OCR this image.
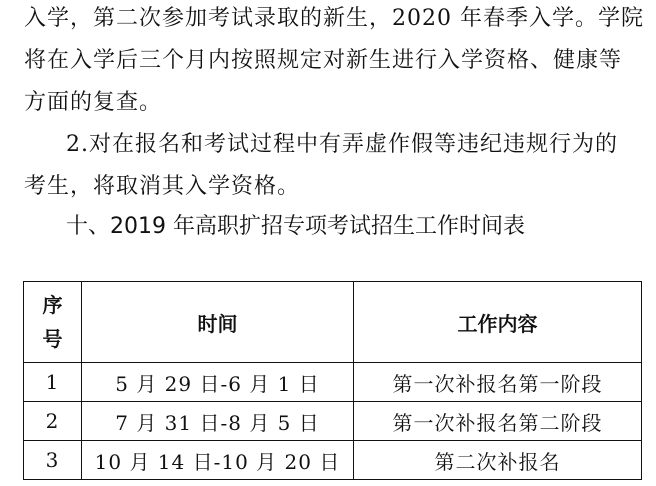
入学，第二次参加考试录取的新生，2020 年春季入学。学院
将在入学后三个月内按照规定对新生进行入学资格、健康等
方面的复查。
2.对在报名和考试过程中有弄虚作假等违纪违规行为的
考生，将取消其入学资格。
十、2019 年高职扩招专项考试招生工作时间表
序
号	时间	工作内容
1	5 月 29 日-6 月 1 日	第一次补报名第一阶段
2	7 月 31 日-8 月 5 日	第一次补报名第二阶段
3	10 月 14 日-10 月 20 日	第二次补报名
